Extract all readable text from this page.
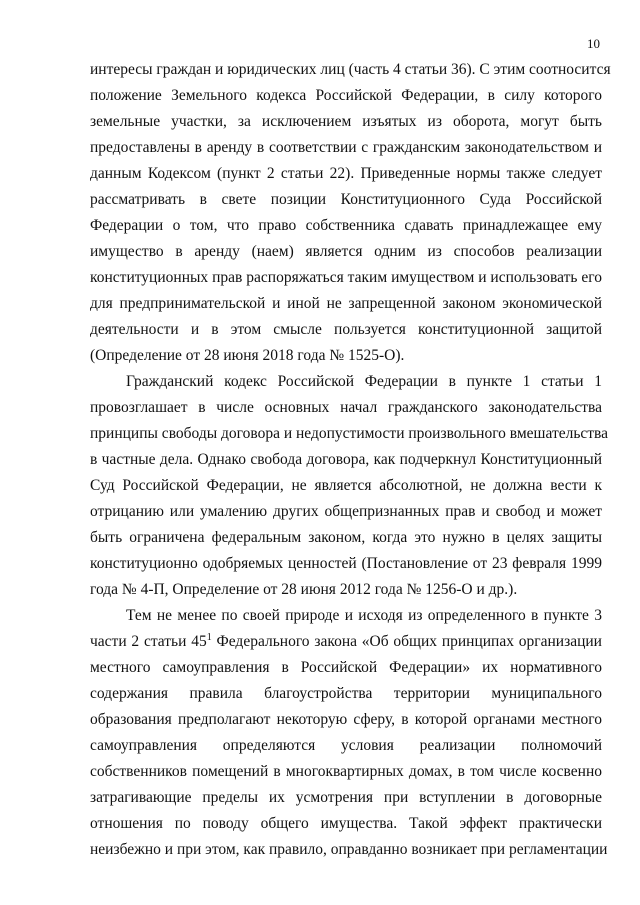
10
интересы граждан и юридических лиц (часть 4 статьи 36). С этим соотносится
положение Земельного кодекса Российской Федерации, в силу которого
земельные участки, за исключением изъятых из оборота, могут быть
предоставлены в аренду в соответствии с гражданским законодательством и
данным Кодексом (пункт 2 статьи 22). Приведенные нормы также следует
рассматривать в свете позиции Конституционного Суда Российской
Федерации о том, что право собственника сдавать принадлежащее ему
имущество в аренду (наем) является одним из способов реализации
конституционных прав распоряжаться таким имуществом и использовать его
для предпринимательской и иной не запрещенной законом экономической
деятельности и в этом смысле пользуется конституционной защитой
(Определение от 28 июня 2018 года № 1525-О).
Гражданский кодекс Российской Федерации в пункте 1 статьи 1
провозглашает в числе основных начал гражданского законодательства
принципы свободы договора и недопустимости произвольного вмешательства
в частные дела. Однако свобода договора, как подчеркнул Конституционный
Суд Российской Федерации, не является абсолютной, не должна вести к
отрицанию или умалению других общепризнанных прав и свобод и может
быть ограничена федеральным законом, когда это нужно в целях защиты
конституционно одобряемых ценностей (Постановление от 23 февраля 1999
года № 4-П, Определение от 28 июня 2012 года № 1256-О и др.).
Тем не менее по своей природе и исходя из определенного в пункте 3
части 2 статьи $45^1$ Федерального закона «Об общих принципах организации
местного самоуправления в Российской Федерации» их нормативного
содержания правила благоустройства территории муниципального
образования предполагают некоторую сферу, в которой органами местного
самоуправления определяются условия реализации полномочий
собственников помещений в многоквартирных домах, в том числе косвенно
затрагивающие пределы их усмотрения при вступлении в договорные
отношения по поводу общего имущества. Такой эффект практически
неизбежно и при этом, как правило, оправданно возникает при регламентации
